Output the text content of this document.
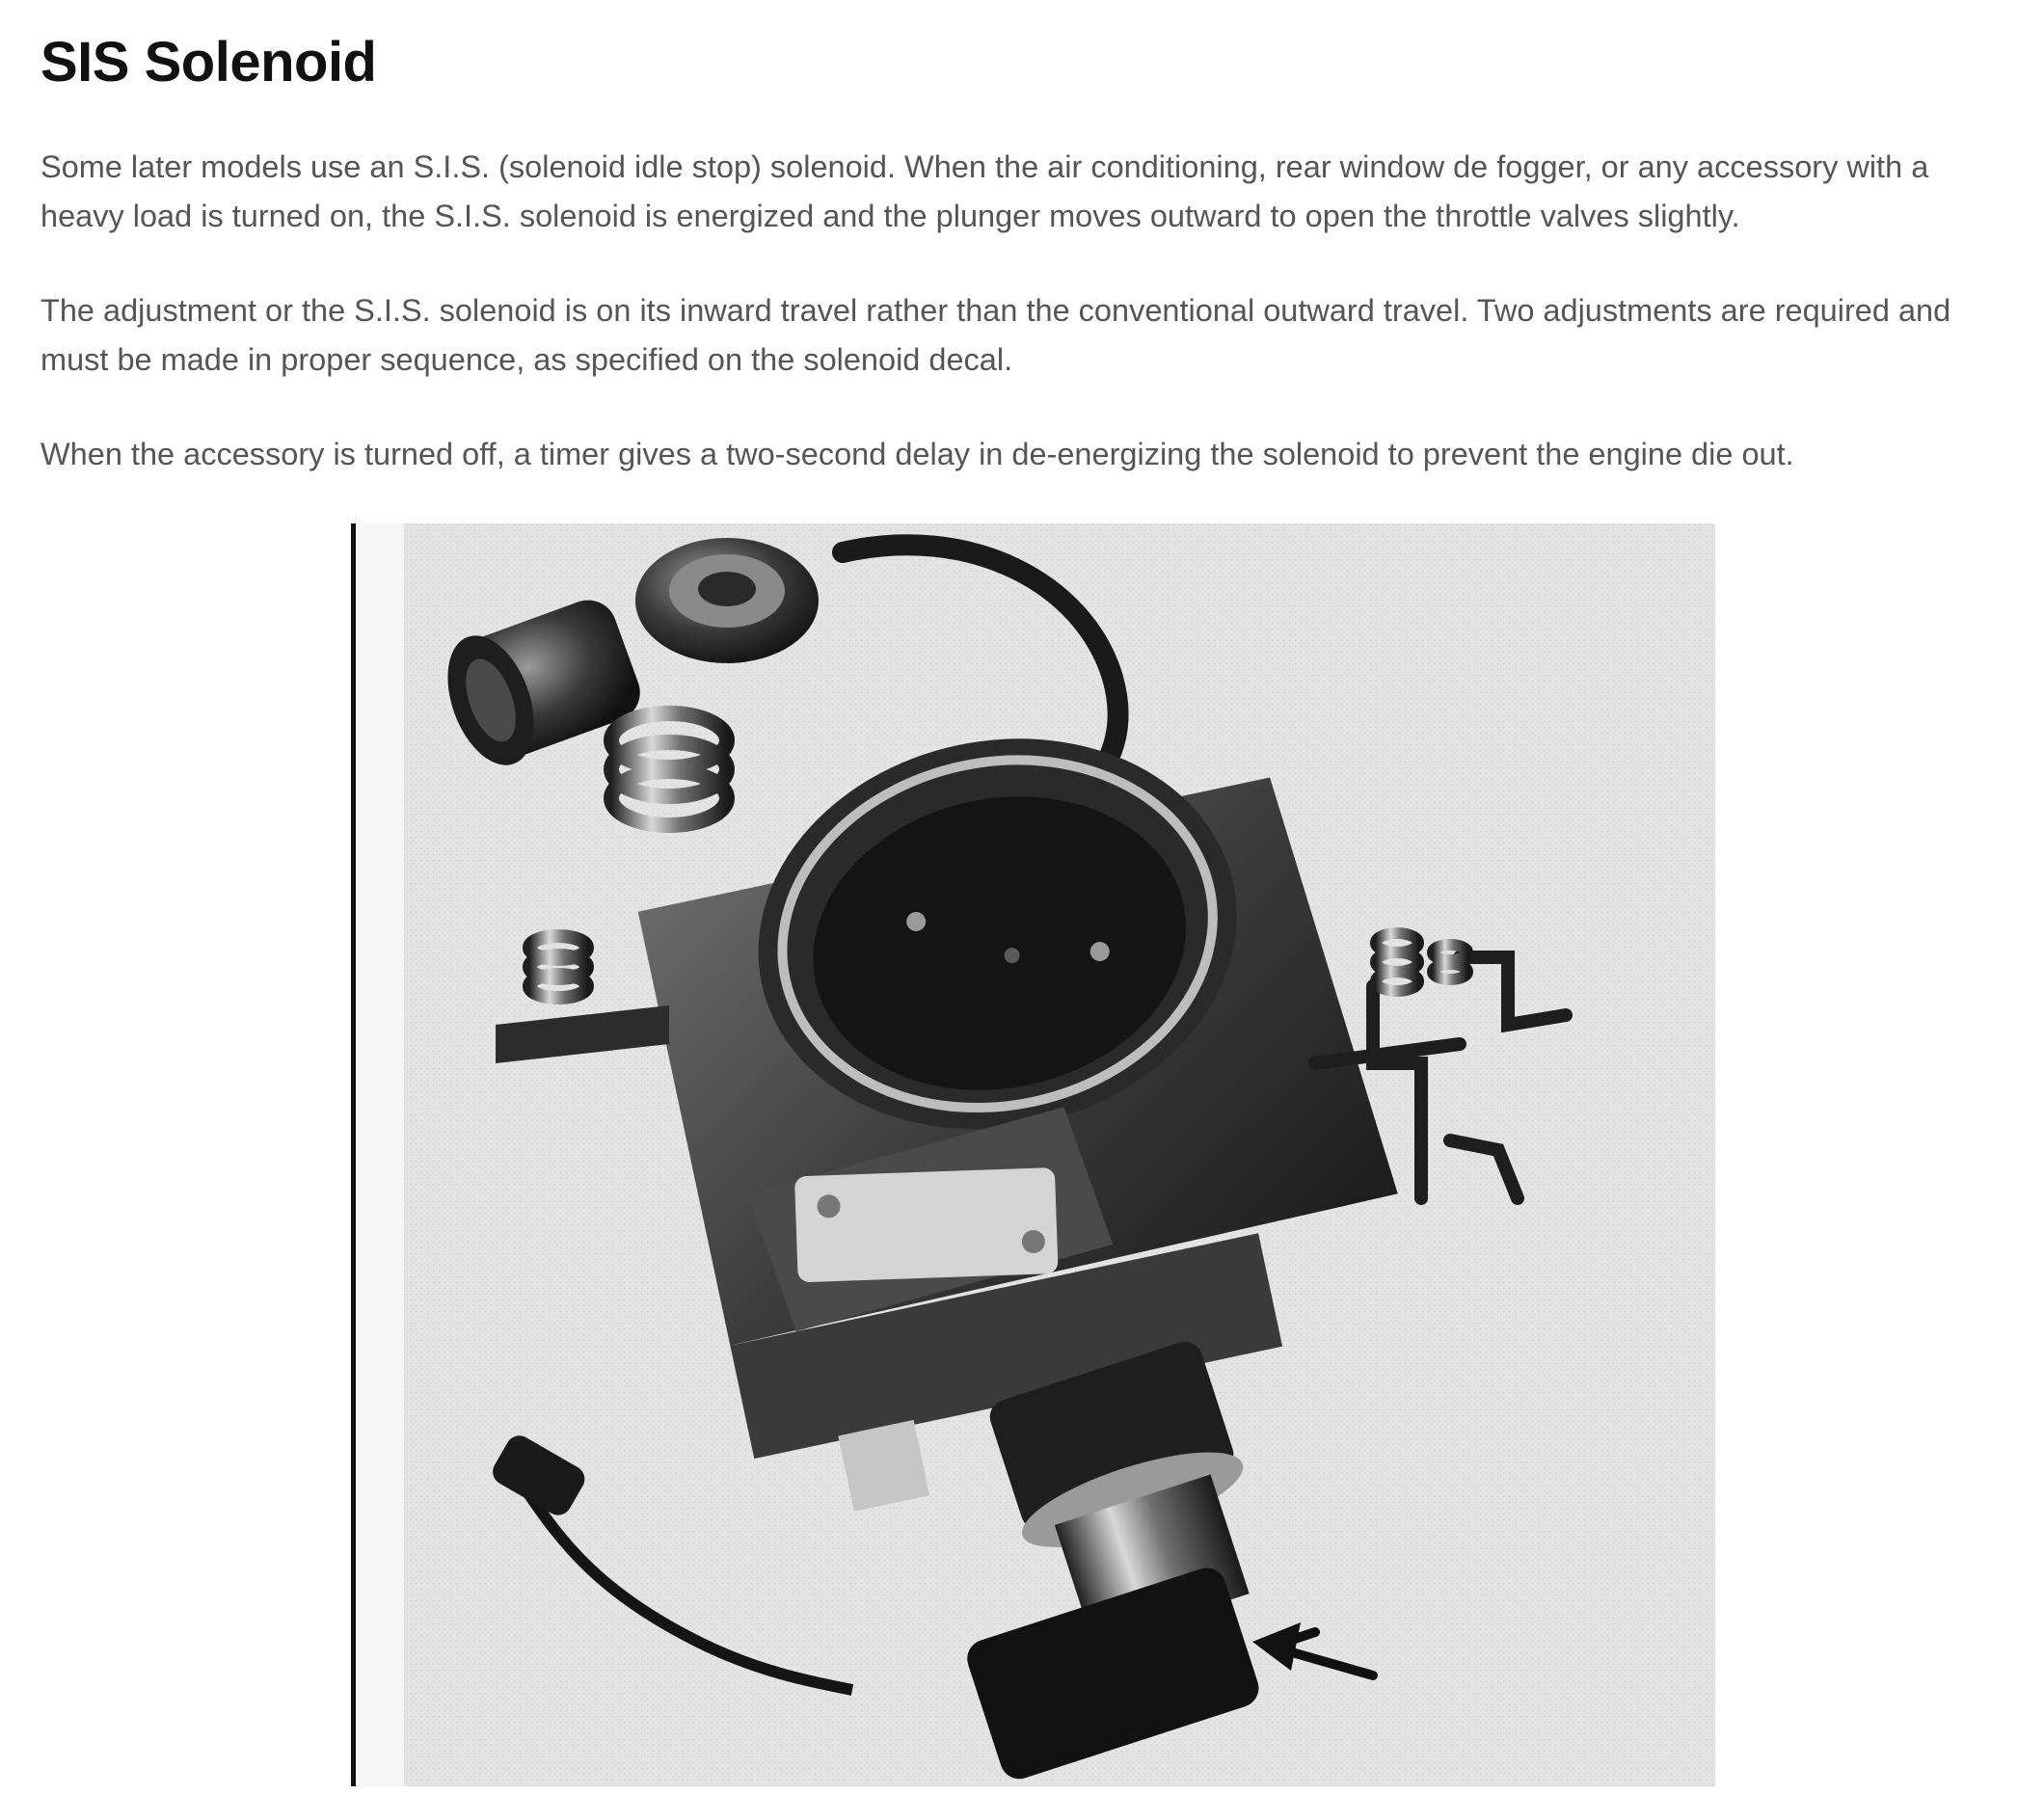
SIS Solenoid

Some later models use an S.I.S. (solenoid idle stop) solenoid. When the air conditioning, rear window de fogger, or any accessory with a heavy load is turned on, the S.I.S. solenoid is energized and the plunger moves outward to open the throttle valves slightly.

The adjustment or the S.I.S. solenoid is on its inward travel rather than the conventional outward travel. Two adjustments are required and must be made in proper sequence, as specified on the solenoid decal.

When the accessory is turned off, a timer gives a two-second delay in de-energizing the solenoid to prevent the engine die out.
